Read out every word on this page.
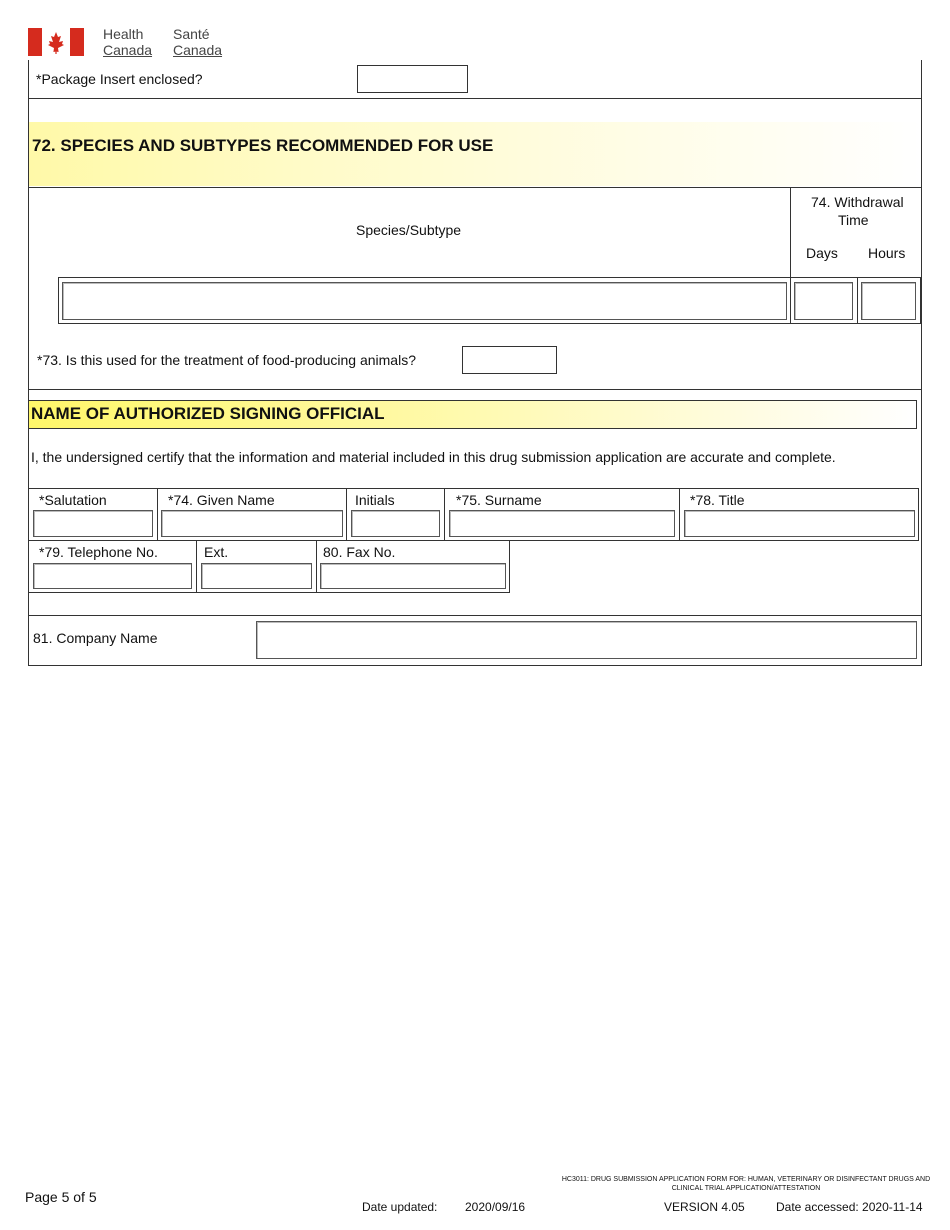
Health
Canada
Santé
Canada
*Package Insert enclosed?
72. SPECIES AND SUBTYPES RECOMMENDED FOR USE
Species/Subtype
74. Withdrawal
Time
Days Hours
*73. Is this used for the treatment of food-producing animals?
NAME OF AUTHORIZED SIGNING OFFICIAL
I, the undersigned certify that the information and material included in this drug submission application are accurate and complete.
*Salutation	*74. Given Name	Initials	*75. Surname	*78. Title
*79. Telephone No.	Ext.	80. Fax No.
81. Company Name
Page 5 of 5
Date updated: 2020/09/16
HC3011: DRUG SUBMISSION APPLICATION FORM FOR: HUMAN, VETERINARY OR DISINFECTANT DRUGS AND
CLINICAL TRIAL APPLICATION/ATTESTATION
VERSION 4.05	Date accessed: 2020-11-14
